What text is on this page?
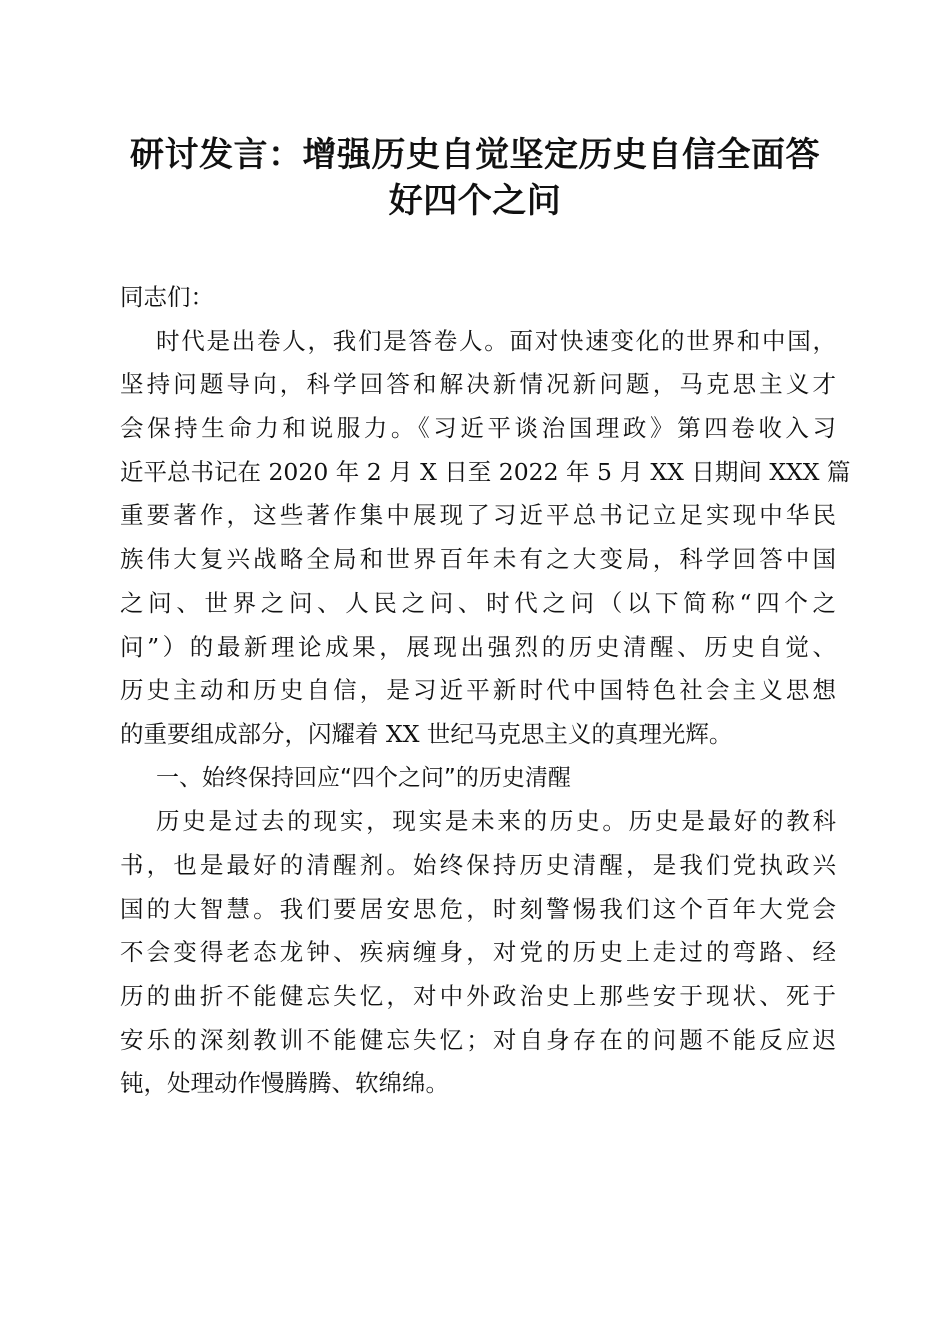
研讨发言：增强历史自觉坚定历史自信全面答
好四个之问
同志们：
时代是出卷人，我们是答卷人。面对快速变化的世界和中国，
坚持问题导向，科学回答和解决新情况新问题，马克思主义才
会保持生命力和说服力。《习近平谈治国理政》第四卷收入习
近平总书记在 2020 年 2 月 X 日至 2022 年 5 月 XX 日期间 XXX 篇
重要著作，这些著作集中展现了习近平总书记立足实现中华民
族伟大复兴战略全局和世界百年未有之大变局，科学回答中国
之问、世界之问、人民之问、时代之问（以下简称“四个之
问”）的最新理论成果，展现出强烈的历史清醒、历史自觉、
历史主动和历史自信，是习近平新时代中国特色社会主义思想
的重要组成部分，闪耀着 XX 世纪马克思主义的真理光辉。
一、始终保持回应“四个之问”的历史清醒
历史是过去的现实，现实是未来的历史。历史是最好的教科
书，也是最好的清醒剂。始终保持历史清醒，是我们党执政兴
国的大智慧。我们要居安思危，时刻警惕我们这个百年大党会
不会变得老态龙钟、疾病缠身，对党的历史上走过的弯路、经
历的曲折不能健忘失忆，对中外政治史上那些安于现状、死于
安乐的深刻教训不能健忘失忆；对自身存在的问题不能反应迟
钝，处理动作慢腾腾、软绵绵。
